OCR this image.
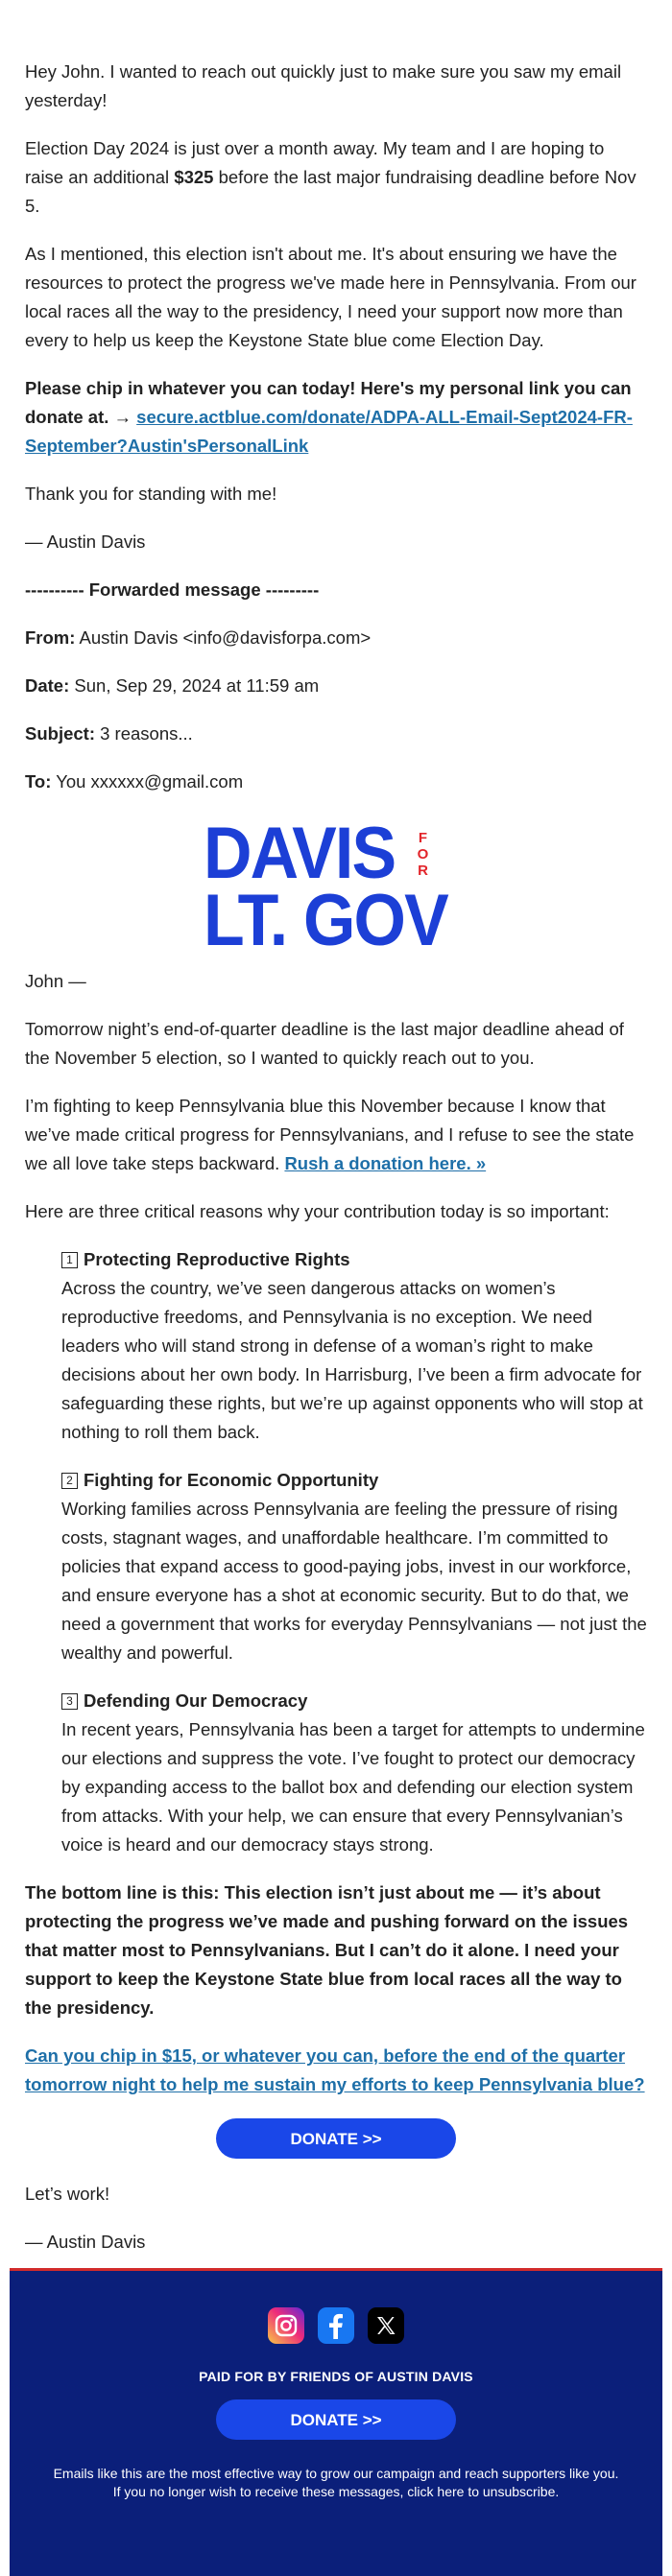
Hey John. I wanted to reach out quickly just to make sure you saw my email yesterday!

Election Day 2024 is just over a month away. My team and I are hoping to raise an additional $325 before the last major fundraising deadline before Nov 5.

As I mentioned, this election isn't about me. It's about ensuring we have the resources to protect the progress we've made here in Pennsylvania. From our local races all the way to the presidency, I need your support now more than every to help us keep the Keystone State blue come Election Day.

Please chip in whatever you can today! Here's my personal link you can donate at. → secure.actblue.com/donate/ADPA-ALL-Email-Sept2024-FR-September?Austin'sPersonalLink

Thank you for standing with me!

— Austin Davis

---------- Forwarded message ---------

From: Austin Davis <info@davisforpa.com>

Date: Sun, Sep 29, 2024 at 11:59 am

Subject: 3 reasons...

To: You xxxxxx@gmail.com

DAVIS F
O
R
LT. GOV

John —

Tomorrow night’s end-of-quarter deadline is the last major deadline ahead of the November 5 election, so I wanted to quickly reach out to you.

I’m fighting to keep Pennsylvania blue this November because I know that we’ve made critical progress for Pennsylvanians, and I refuse to see the state we all love take steps backward. Rush a donation here. »

Here are three critical reasons why your contribution today is so important:

1 Protecting Reproductive Rights
Across the country, we’ve seen dangerous attacks on women’s reproductive freedoms, and Pennsylvania is no exception. We need leaders who will stand strong in defense of a woman’s right to make decisions about her own body. In Harrisburg, I’ve been a firm advocate for safeguarding these rights, but we’re up against opponents who will stop at nothing to roll them back.
2 Fighting for Economic Opportunity
Working families across Pennsylvania are feeling the pressure of rising costs, stagnant wages, and unaffordable healthcare. I’m committed to policies that expand access to good-paying jobs, invest in our workforce, and ensure everyone has a shot at economic security. But to do that, we need a government that works for everyday Pennsylvanians — not just the wealthy and powerful.
3 Defending Our Democracy
In recent years, Pennsylvania has been a target for attempts to undermine our elections and suppress the vote. I’ve fought to protect our democracy by expanding access to the ballot box and defending our election system from attacks. With your help, we can ensure that every Pennsylvanian’s voice is heard and our democracy stays strong.

The bottom line is this: This election isn’t just about me — it’s about protecting the progress we’ve made and pushing forward on the issues that matter most to Pennsylvanians. But I can’t do it alone. I need your support to keep the Keystone State blue from local races all the way to the presidency.

Can you chip in $15, or whatever you can, before the end of the quarter tomorrow night to help me sustain my efforts to keep Pennsylvania blue?

DONATE >>

Let’s work!

— Austin Davis

PAID FOR BY FRIENDS OF AUSTIN DAVIS
DONATE >>
Emails like this are the most effective way to grow our campaign and reach supporters like you. If you no longer wish to receive these messages, click here to unsubscribe.
